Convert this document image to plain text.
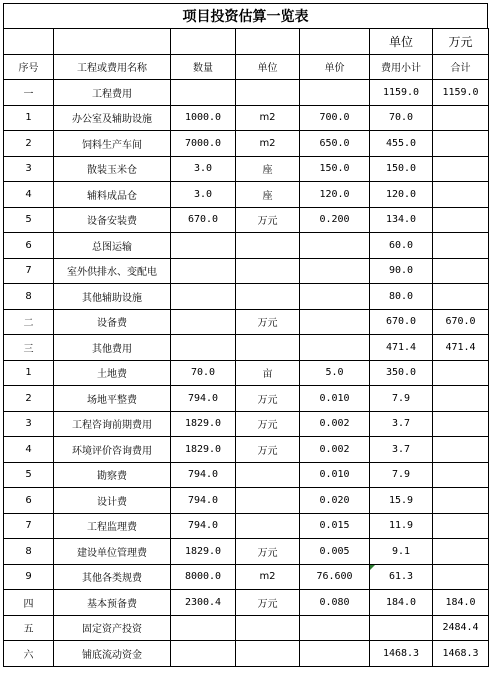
项目投资估算一览表
					单位	万元
序号	工程或费用名称	数量	单位	单价	费用小计	合计
一	工程费用				1159.0	1159.0
1	办公室及辅助设施	1000.0	m2	700.0	70.0	
2	饲料生产车间	7000.0	m2	650.0	455.0	
3	散装玉米仓	3.0	座	150.0	150.0	
4	辅料成品仓	3.0	座	120.0	120.0	
5	设备安装费	670.0	万元	0.200	134.0	
6	总图运输				60.0	
7	室外供排水、变配电				90.0	
8	其他辅助设施				80.0	
二	设备费		万元		670.0	670.0
三	其他费用				471.4	471.4
1	土地费	70.0	亩	5.0	350.0	
2	场地平整费	794.0	万元	0.010	7.9	
3	工程咨询前期费用	1829.0	万元	0.002	3.7	
4	环境评价咨询费用	1829.0	万元	0.002	3.7	
5	勘察费	794.0		0.010	7.9	
6	设计费	794.0		0.020	15.9	
7	工程监理费	794.0		0.015	11.9	
8	建设单位管理费	1829.0	万元	0.005	9.1	
9	其他各类规费	8000.0	m2	76.600	61.3	
四	基本预备费	2300.4	万元	0.080	184.0	184.0
五	固定资产投资					2484.4
六	铺底流动资金				1468.3	1468.3
